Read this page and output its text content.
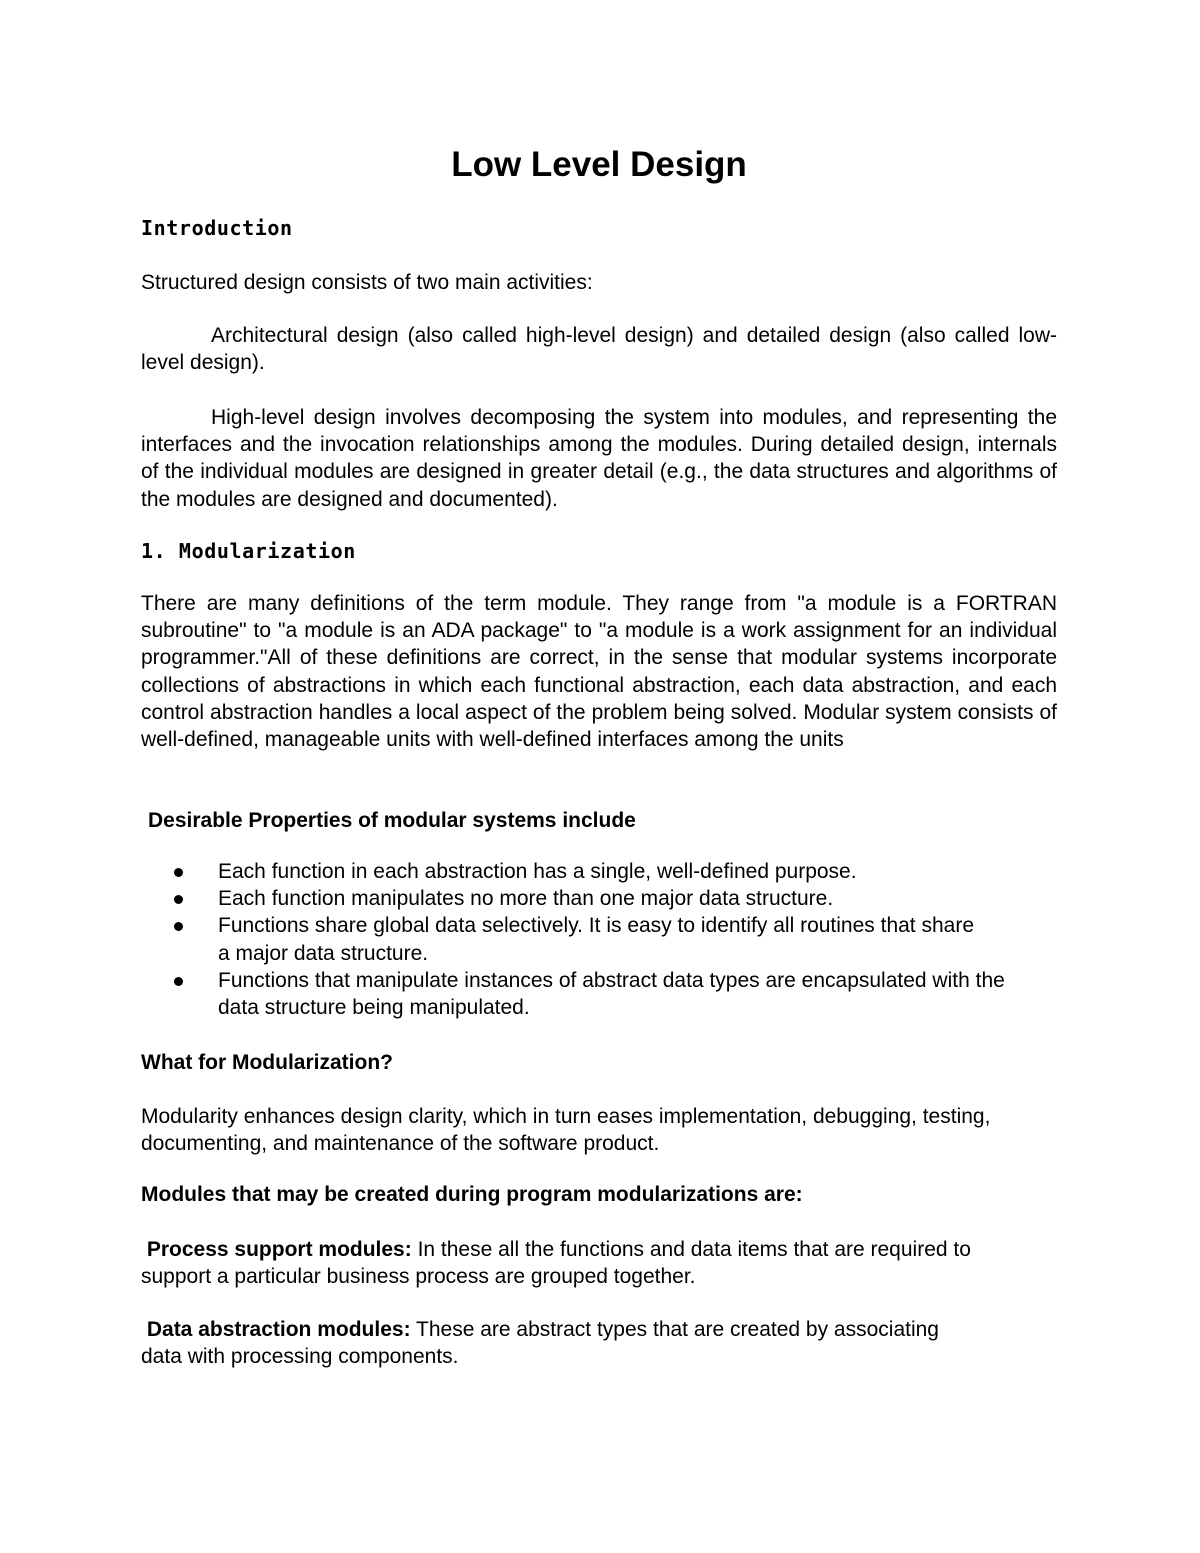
Low Level Design
Introduction

Structured design consists of two main activities:

Architectural design (also called high-level design) and detailed design (also called low-level design).

High-level design involves decomposing the system into modules, and representing the interfaces and the invocation relationships among the modules. During detailed design, internals of the individual modules are designed in greater detail (e.g., the data structures and algorithms of the modules are designed and documented).

1. Modularization

There are many definitions of the term module. They range from "a module is a FORTRAN subroutine" to "a module is an ADA package" to "a module is a work assignment for an individual programmer."All of these definitions are correct, in the sense that modular systems incorporate collections of abstractions in which each functional abstraction, each data abstraction, and each control abstraction handles a local aspect of the problem being solved. Modular system consists of well-defined, manageable units with well-defined interfaces among the units

Desirable Properties of modular systems include
Each function in each abstraction has a single, well-defined purpose.
Each function manipulates no more than one major data structure.
Functions share global data selectively. It is easy to identify all routines that share a major data structure.
Functions that manipulate instances of abstract data types are encapsulated with the data structure being manipulated.
What for Modularization?

Modularity enhances design clarity, which in turn eases implementation, debugging, testing, documenting, and maintenance of the software product.

Modules that may be created during program modularizations are:

Process support modules: In these all the functions and data items that are required to support a particular business process are grouped together.

Data abstraction modules: These are abstract types that are created by associating data with processing components.
